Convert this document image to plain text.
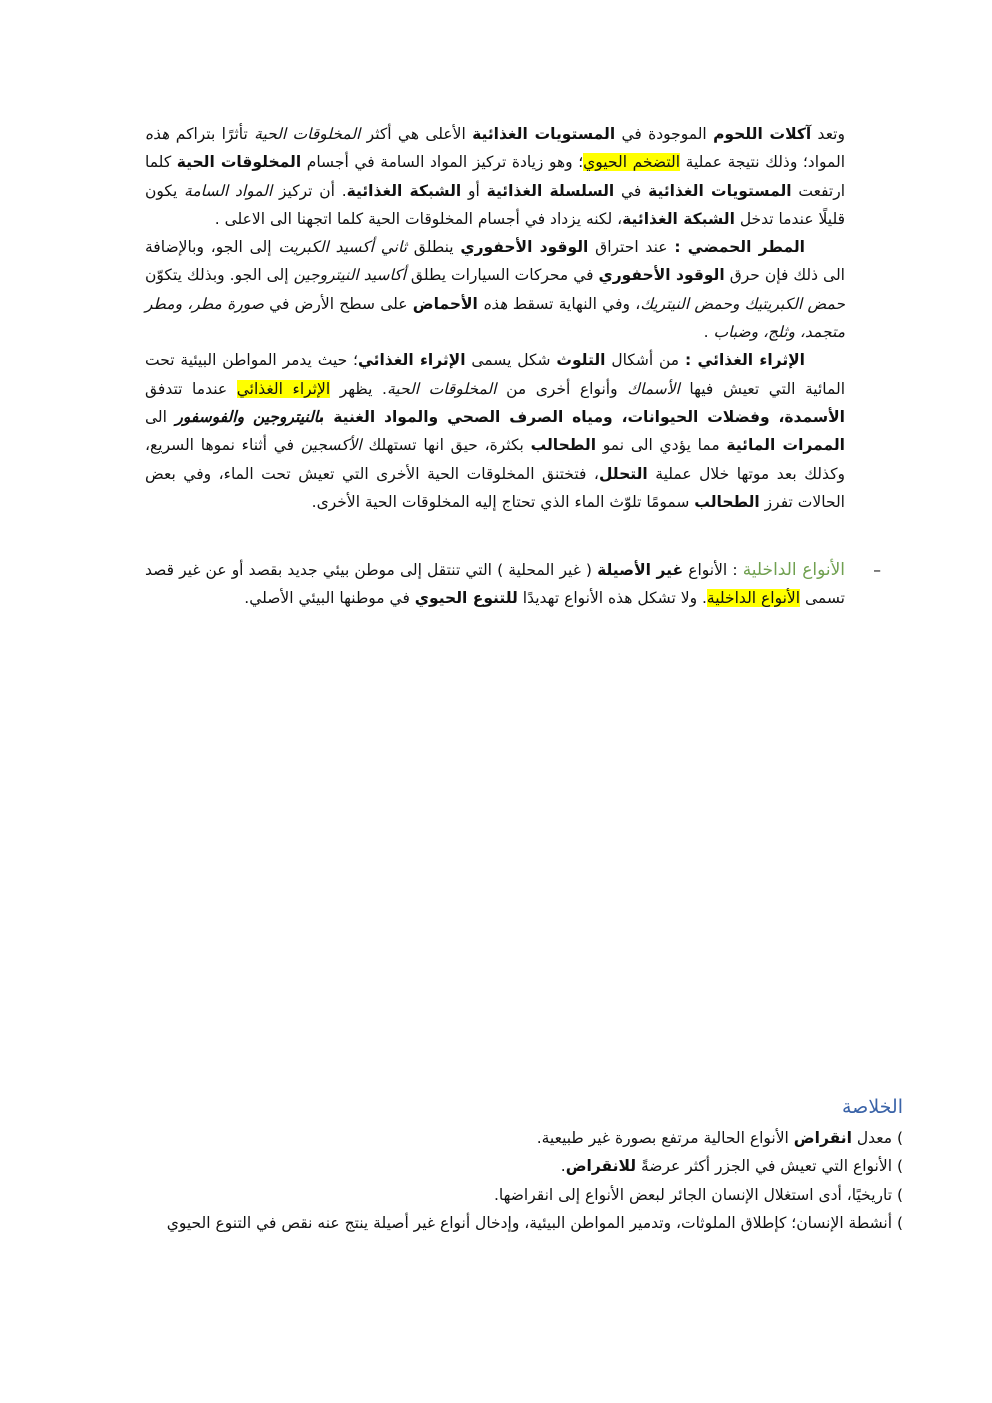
وتعد آكلات اللحوم الموجودة في المستويات الغذائية الأعلى هي أكثر المخلوقات الحية تأثرًا بتراكم هذه المواد؛ وذلك نتيجة عملية التضخم الحيوي؛ وهو زيادة تركيز المواد السامة في أجسام المخلوقات الحية كلما ارتفعت المستويات الغذائية في السلسلة الغذائية أو الشبكة الغذائية. أن تركيز المواد السامة يكون قليلًا عندما تدخل الشبكة الغذائية، لكنه يزداد في أجسام المخلوقات الحية كلما اتجهنا الى الاعلى .

المطر الحمضي : عند احتراق الوقود الأحفوري ينطلق ثاني أكسيد الكبريت إلى الجو، وبالإضافة الى ذلك فإن حرق الوقود الأحفوري في محركات السيارات يطلق أكاسيد النيتروجين إلى الجو. وبذلك يتكوّن حمض الكبريتيك وحمض النيتريك، وفي النهاية تسقط هذه الأحماض على سطح الأرض في صورة مطر، ومطر متجمد، وثلج، وضباب .

الإثراء الغذائي : من أشكال التلوث شكل يسمى الإثراء الغذائي؛ حيث يدمر المواطن البيئية تحت المائية التي تعيش فيها الأسماك وأنواع أخرى من المخلوقات الحية. يظهر الإثراء الغذائي عندما تتدفق الأسمدة، وفضلات الحيوانات، ومياه الصرف الصحي والمواد الغنية بالنيتروجين والفوسفور الى الممرات المائية مما يؤدي الى نمو الطحالب بكثرة، حيق انها تستهلك الأكسجين في أثناء نموها السريع، وكذلك بعد موتها خلال عملية التحلل، فتختنق المخلوقات الحية الأخرى التي تعيش تحت الماء، وفي بعض الحالات تفرز الطحالب سمومًا تلوّث الماء الذي تحتاج إليه المخلوقات الحية الأخرى.

–الأنواع الداخلية : الأنواع غير الأصيلة ( غير المحلية ) التي تنتقل إلى موطن بيئي جديد بقصد أو عن غير قصد تسمى الأنواع الداخلية. ولا تشكل هذه الأنواع تهديدًا للتنوع الحيوي في موطنها البيئي الأصلي.

الخلاصة

) معدل انقراض الأنواع الحالية مرتفع بصورة غير طبيعية.

) الأنواع التي تعيش في الجزر أكثر عرضةً للانقراض.

) تاريخيًا، أدى استغلال الإنسان الجائر لبعض الأنواع إلى انقراضها.

) أنشطة الإنسان؛ كإطلاق الملوثات، وتدمير المواطن البيئية، وإدخال أنواع غير أصيلة ينتج عنه نقص في التنوع الحيوي
